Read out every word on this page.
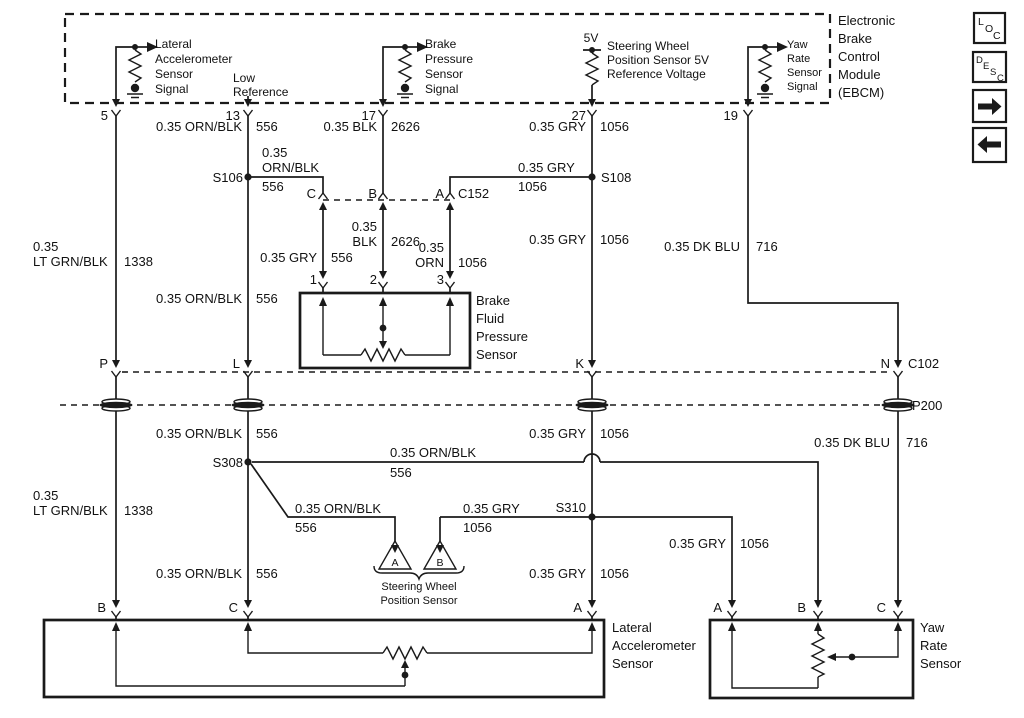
Lateral
Accelerometer
Sensor
Signal
Low
Reference
Brake
Pressure
Sensor
Signal
5V
Steering Wheel
Position Sensor 5V
Reference Voltage
Yaw
Rate
Sensor
Signal
Electronic
Brake
Control
Module
(EBCM)
5	13	17	27	19
C	B	A C152
P	L	K	N C102
P200
1	2	3
Brake
Fluid
Pressure
Sensor
A	B
Steering Wheel
Position Sensor
B	C	A
Lateral
Accelerometer
Sensor
A	B	C
Yaw
Rate
Sensor
0.35 ORN/BLK 556	0.35 BLK 2626	0.35 GRY 1056
S106
0.35
ORN/BLK
556
S108
0.35 GRY
1056
0.35
BLK 2626
0.35
ORN 1056
0.35 GRY 556
0.35 GRY 1056	0.35 DK BLU 716
0.35
LT GRN/BLK 1338
0.35 ORN/BLK 556
0.35 ORN/BLK 556	0.35 GRY 1056
0.35 DK BLU 716
S308
0.35 ORN/BLK
556
0.35
LT GRN/BLK 1338	0.35 ORN/BLK
556
0.35 GRY
1056
S310
0.35 GRY 1056
0.35 ORN/BLK 556	0.35 GRY 1056
L
O
C
D
E
S
C
